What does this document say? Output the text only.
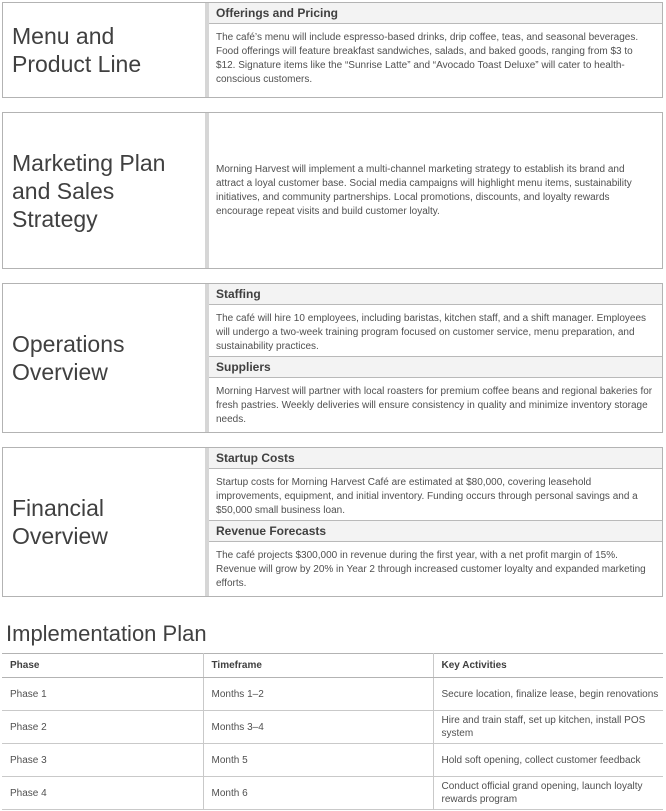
Menu and
Product Line
Offerings and Pricing
The café’s menu will include espresso-based drinks, drip coffee, teas, and seasonal beverages. Food offerings will feature breakfast sandwiches, salads, and baked goods, ranging from $3 to $12. Signature items like the “Sunrise Latte” and “Avocado Toast Deluxe” will cater to health-conscious customers.
Marketing Plan
and Sales
Strategy
Morning Harvest will implement a multi-channel marketing strategy to establish its brand and attract a loyal customer base. Social media campaigns will highlight menu items, sustainability initiatives, and community partnerships. Local promotions, discounts, and loyalty rewards encourage repeat visits and build customer loyalty.
Operations
Overview
Staffing
The café will hire 10 employees, including baristas, kitchen staff, and a shift manager. Employees will undergo a two-week training program focused on customer service, menu preparation, and sustainability practices.
Suppliers
Morning Harvest will partner with local roasters for premium coffee beans and regional bakeries for fresh pastries. Weekly deliveries will ensure consistency in quality and minimize inventory storage needs.
Financial
Overview
Startup Costs
Startup costs for Morning Harvest Café are estimated at $80,000, covering leasehold improvements, equipment, and initial inventory. Funding occurs through personal savings and a $50,000 small business loan.
Revenue Forecasts
The café projects $300,000 in revenue during the first year, with a net profit margin of 15%. Revenue will grow by 20% in Year 2 through increased customer loyalty and expanded marketing efforts.
Implementation Plan
Phase	Timeframe	Key Activities
Phase 1	Months 1–2	Secure location, finalize lease, begin renovations
Phase 2	Months 3–4	Hire and train staff, set up kitchen, install POS system
Phase 3	Month 5	Hold soft opening, collect customer feedback
Phase 4	Month 6	Conduct official grand opening, launch loyalty rewards program
